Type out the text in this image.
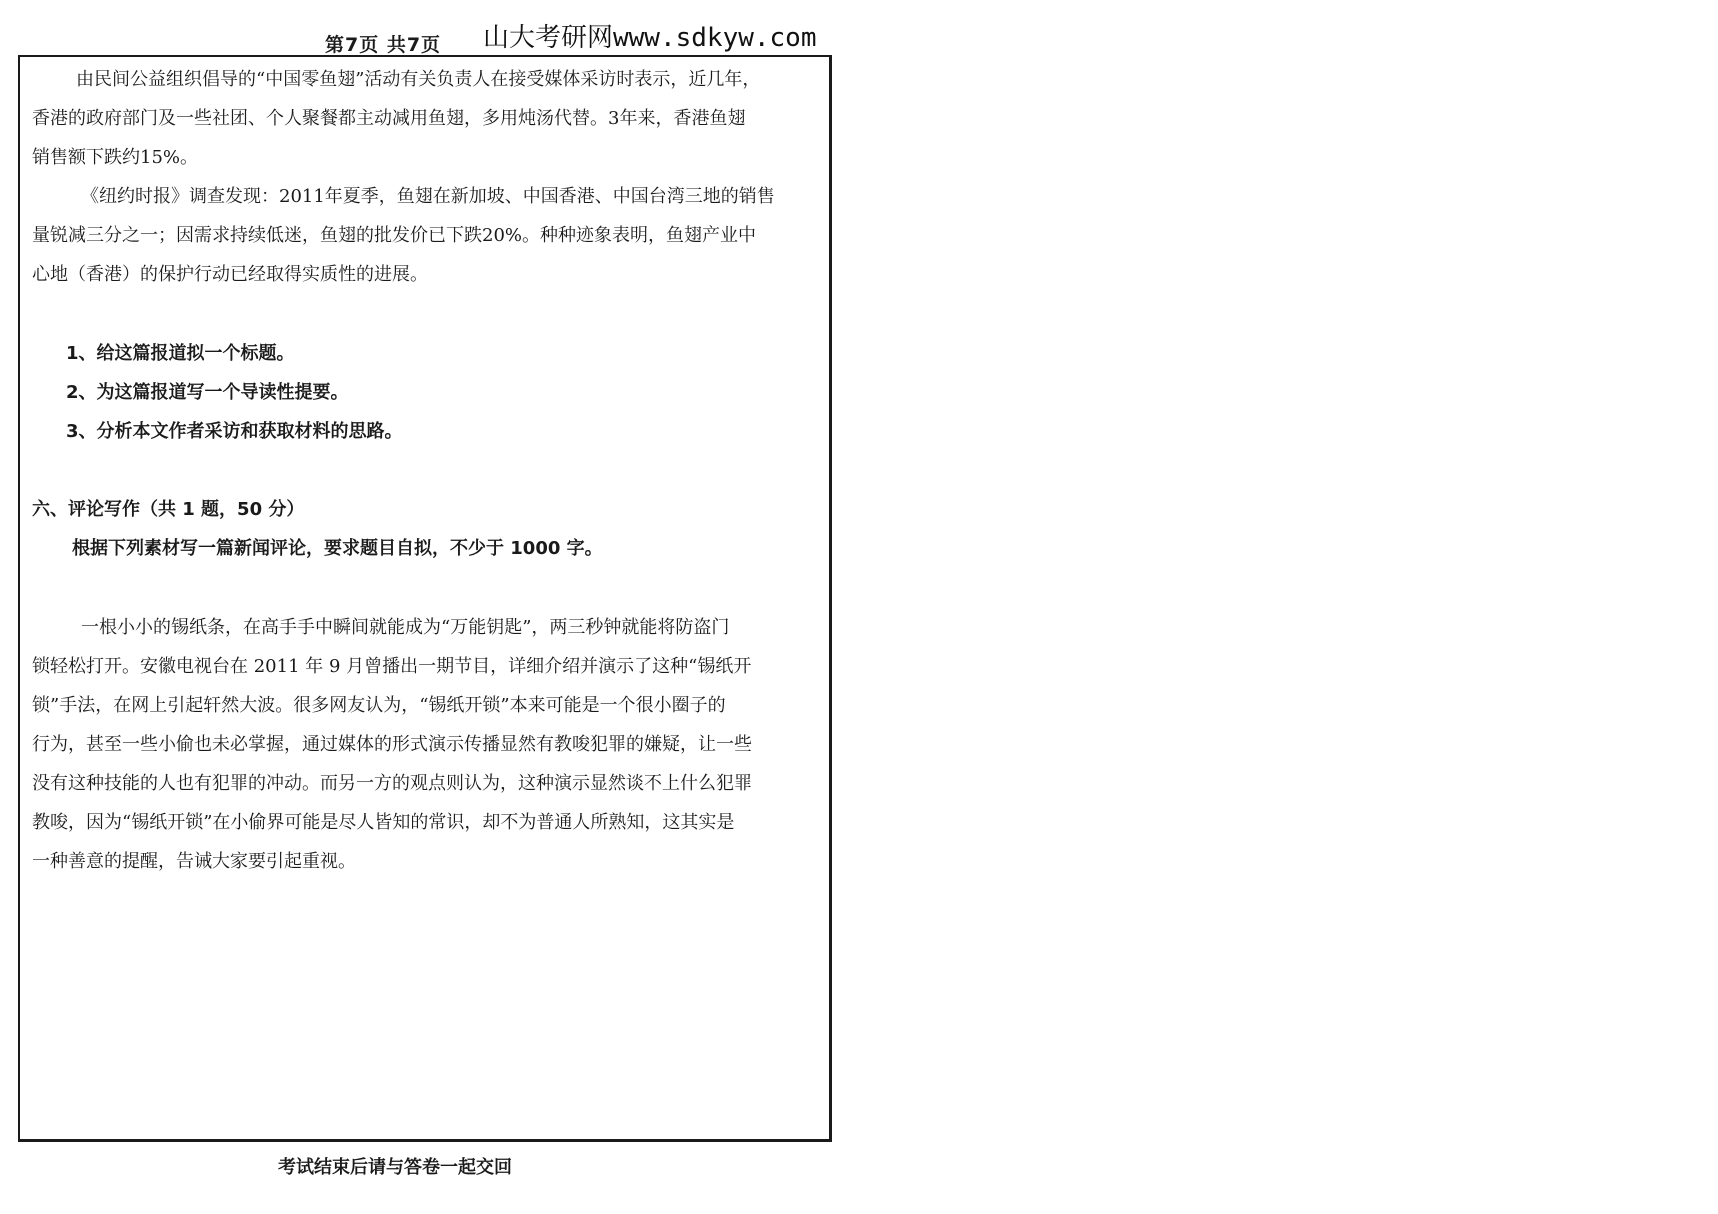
第7页 共7页 山大考研网www.sdkyw.com
由民间公益组织倡导的“中国零鱼翅”活动有关负责人在接受媒体采访时表示，近几年，
香港的政府部门及一些社团、个人聚餐都主动减用鱼翅，多用炖汤代替。3年来，香港鱼翅
销售额下跌约15%。
《纽约时报》调查发现：2011年夏季，鱼翅在新加坡、中国香港、中国台湾三地的销售
量锐减三分之一；因需求持续低迷，鱼翅的批发价已下跌20%。种种迹象表明，鱼翅产业中
心地（香港）的保护行动已经取得实质性的进展。
1、给这篇报道拟一个标题。
2、为这篇报道写一个导读性提要。
3、分析本文作者采访和获取材料的思路。
六、评论写作（共 1 题，50 分）
根据下列素材写一篇新闻评论，要求题目自拟，不少于 1000 字。
一根小小的锡纸条，在高手手中瞬间就能成为“万能钥匙”，两三秒钟就能将防盗门
锁轻松打开。安徽电视台在 2011 年 9 月曾播出一期节目，详细介绍并演示了这种“锡纸开
锁”手法，在网上引起轩然大波。很多网友认为，“锡纸开锁”本来可能是一个很小圈子的
行为，甚至一些小偷也未必掌握，通过媒体的形式演示传播显然有教唆犯罪的嫌疑，让一些
没有这种技能的人也有犯罪的冲动。而另一方的观点则认为，这种演示显然谈不上什么犯罪
教唆，因为“锡纸开锁”在小偷界可能是尽人皆知的常识，却不为普通人所熟知，这其实是
一种善意的提醒，告诫大家要引起重视。
考试结束后请与答卷一起交回
